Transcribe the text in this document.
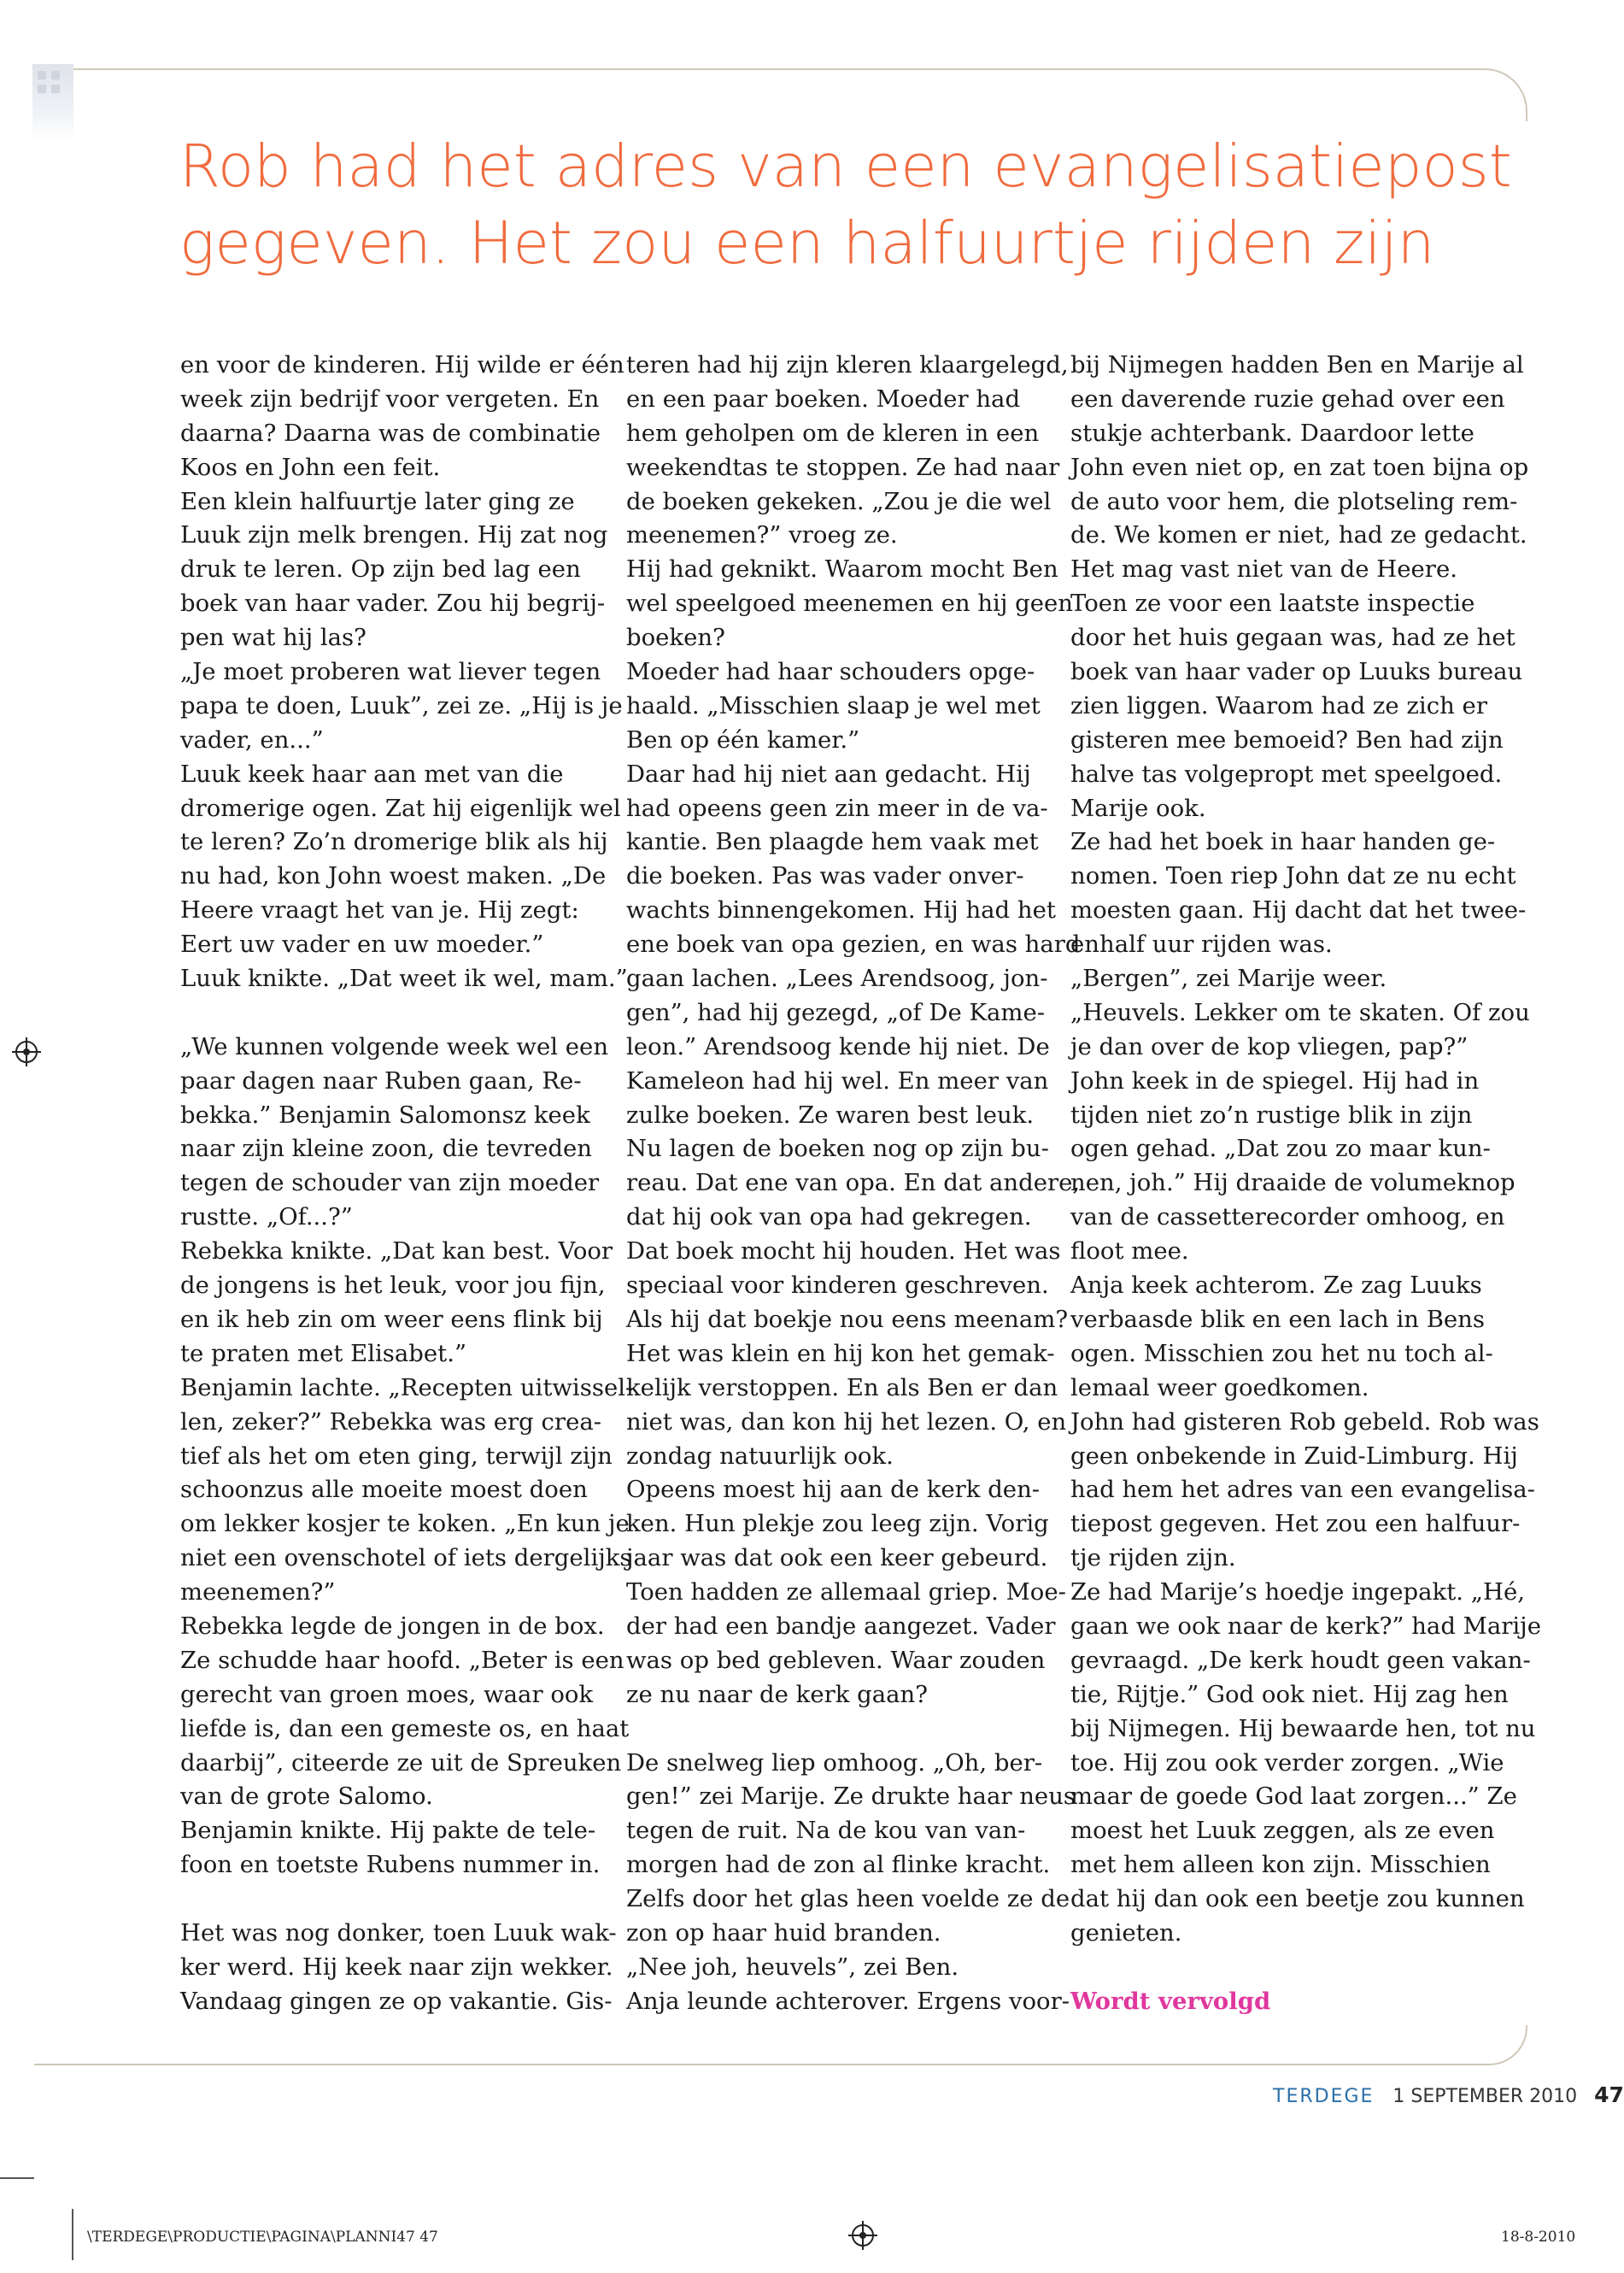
Rob had het adres van een evangelisatiepost
gegeven. Het zou een halfuurtje rijden zijn
en voor de kinderen. Hij wilde er één
week zijn bedrijf voor vergeten. En
daarna? Daarna was de combinatie
Koos en John een feit.
Een klein halfuurtje later ging ze
Luuk zijn melk brengen. Hij zat nog
druk te leren. Op zijn bed lag een
boek van haar vader. Zou hij begrij-
pen wat hij las?
„Je moet proberen wat liever tegen
papa te doen, Luuk”, zei ze. „Hij is je
vader, en...”
Luuk keek haar aan met van die
dromerige ogen. Zat hij eigenlijk wel
te leren? Zo’n dromerige blik als hij
nu had, kon John woest maken. „De
Heere vraagt het van je. Hij zegt:
Eert uw vader en uw moeder.”
Luuk knikte. „Dat weet ik wel, mam.”
„We kunnen volgende week wel een
paar dagen naar Ruben gaan, Re-
bekka.” Benjamin Salomonsz keek
naar zijn kleine zoon, die tevreden
tegen de schouder van zijn moeder
rustte. „Of...?”
Rebekka knikte. „Dat kan best. Voor
de jongens is het leuk, voor jou fijn,
en ik heb zin om weer eens flink bij
te praten met Elisabet.”
Benjamin lachte. „Recepten uitwissel-
len, zeker?” Rebekka was erg crea-
tief als het om eten ging, terwijl zijn
schoonzus alle moeite moest doen
om lekker kosjer te koken. „En kun je
niet een ovenschotel of iets dergelijks
meenemen?”
Rebekka legde de jongen in de box.
Ze schudde haar hoofd. „Beter is een
gerecht van groen moes, waar ook
liefde is, dan een gemeste os, en haat
daarbij”, citeerde ze uit de Spreuken
van de grote Salomo.
Benjamin knikte. Hij pakte de tele-
foon en toetste Rubens nummer in.
Het was nog donker, toen Luuk wak-
ker werd. Hij keek naar zijn wekker.
Vandaag gingen ze op vakantie. Gis-
teren had hij zijn kleren klaargelegd,
en een paar boeken. Moeder had
hem geholpen om de kleren in een
weekendtas te stoppen. Ze had naar
de boeken gekeken. „Zou je die wel
meenemen?” vroeg ze.
Hij had geknikt. Waarom mocht Ben
wel speelgoed meenemen en hij geen
boeken?
Moeder had haar schouders opge-
haald. „Misschien slaap je wel met
Ben op één kamer.”
Daar had hij niet aan gedacht. Hij
had opeens geen zin meer in de va-
kantie. Ben plaagde hem vaak met
die boeken. Pas was vader onver-
wachts binnengekomen. Hij had het
ene boek van opa gezien, en was hard
gaan lachen. „Lees Arendsoog, jon-
gen”, had hij gezegd, „of De Kame-
leon.” Arendsoog kende hij niet. De
Kameleon had hij wel. En meer van
zulke boeken. Ze waren best leuk.
Nu lagen de boeken nog op zijn bu-
reau. Dat ene van opa. En dat andere,
dat hij ook van opa had gekregen.
Dat boek mocht hij houden. Het was
speciaal voor kinderen geschreven.
Als hij dat boekje nou eens meenam?
Het was klein en hij kon het gemak-
kelijk verstoppen. En als Ben er dan
niet was, dan kon hij het lezen. O, en
zondag natuurlijk ook.
Opeens moest hij aan de kerk den-
ken. Hun plekje zou leeg zijn. Vorig
jaar was dat ook een keer gebeurd.
Toen hadden ze allemaal griep. Moe-
der had een bandje aangezet. Vader
was op bed gebleven. Waar zouden
ze nu naar de kerk gaan?
De snelweg liep omhoog. „Oh, ber-
gen!” zei Marije. Ze drukte haar neus
tegen de ruit. Na de kou van van-
morgen had de zon al flinke kracht.
Zelfs door het glas heen voelde ze de
zon op haar huid branden.
„Nee joh, heuvels”, zei Ben.
Anja leunde achterover. Ergens voor-
bij Nijmegen hadden Ben en Marije al
een daverende ruzie gehad over een
stukje achterbank. Daardoor lette
John even niet op, en zat toen bijna op
de auto voor hem, die plotseling rem-
de. We komen er niet, had ze gedacht.
Het mag vast niet van de Heere.
Toen ze voor een laatste inspectie
door het huis gegaan was, had ze het
boek van haar vader op Luuks bureau
zien liggen. Waarom had ze zich er
gisteren mee bemoeid? Ben had zijn
halve tas volgepropt met speelgoed.
Marije ook.
Ze had het boek in haar handen ge-
nomen. Toen riep John dat ze nu echt
moesten gaan. Hij dacht dat het twee-
enhalf uur rijden was.
„Bergen”, zei Marije weer.
„Heuvels. Lekker om te skaten. Of zou
je dan over de kop vliegen, pap?”
John keek in de spiegel. Hij had in
tijden niet zo’n rustige blik in zijn
ogen gehad. „Dat zou zo maar kun-
nen, joh.” Hij draaide de volumeknop
van de cassetterecorder omhoog, en
floot mee.
Anja keek achterom. Ze zag Luuks
verbaasde blik en een lach in Bens
ogen. Misschien zou het nu toch al-
lemaal weer goedkomen.
John had gisteren Rob gebeld. Rob was
geen onbekende in Zuid-Limburg. Hij
had hem het adres van een evangelisa-
tiepost gegeven. Het zou een halfuur-
tje rijden zijn.
Ze had Marije’s hoedje ingepakt. „Hé,
gaan we ook naar de kerk?” had Marije
gevraagd. „De kerk houdt geen vakan-
tie, Rijtje.” God ook niet. Hij zag hen
bij Nijmegen. Hij bewaarde hen, tot nu
toe. Hij zou ook verder zorgen. „Wie
maar de goede God laat zorgen...” Ze
moest het Luuk zeggen, als ze even
met hem alleen kon zijn. Misschien
dat hij dan ook een beetje zou kunnen
genieten.
Wordt vervolgd
TERDEGE 1 SEPTEMBER 2010 47
\TERDEGE\PRODUCTIE\PAGINA\PLANNI47 47	18-8-2010
